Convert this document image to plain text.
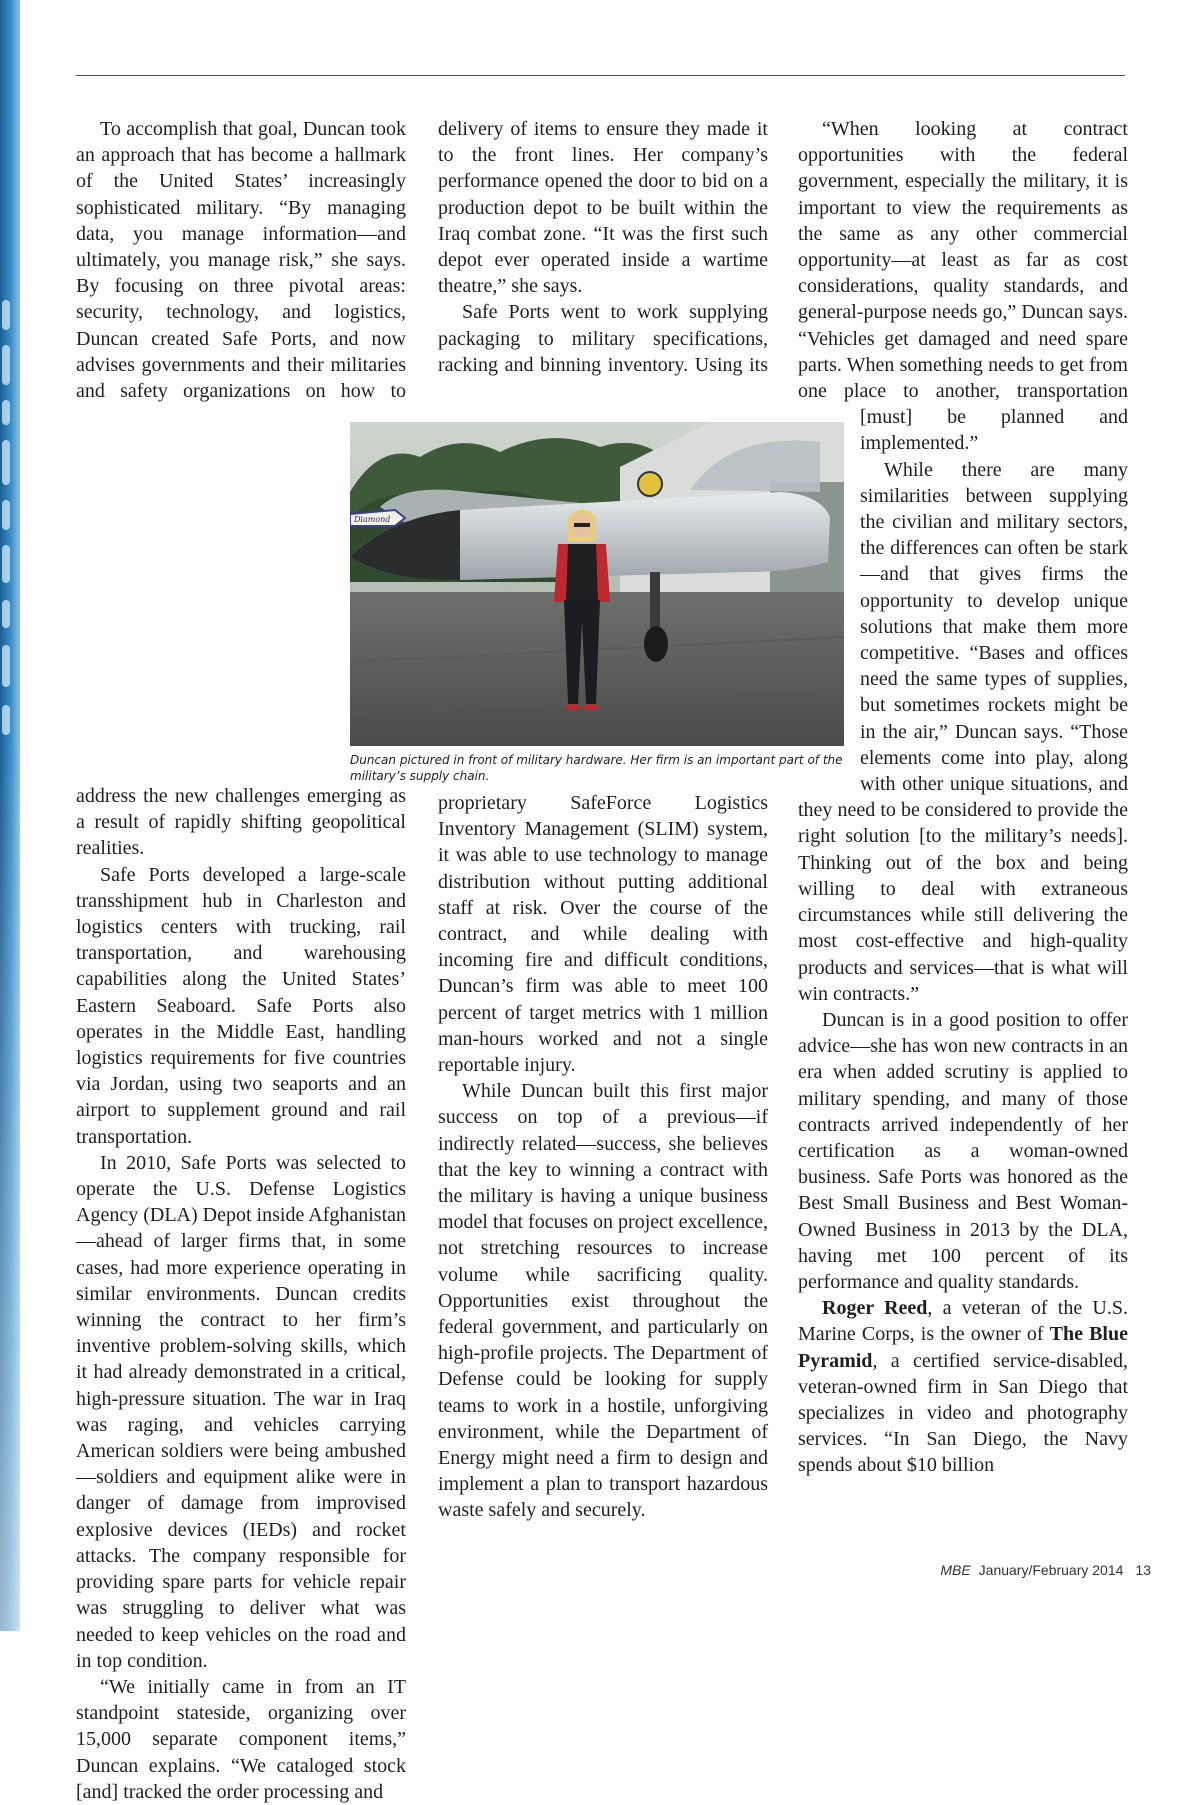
To accomplish that goal, Duncan took an approach that has become a hallmark of the United States’ increasingly sophisticated military. “By managing data, you manage information—and ultimately, you manage risk,” she says. By focusing on three pivotal areas: security, technology, and logistics, Duncan created Safe Ports, and now advises governments and their militaries and safety organizations on how to address the new challenges emerging as a result of rapidly shifting geopolitical realities.

Safe Ports developed a large-scale transshipment hub in Charleston and logistics centers with trucking, rail transportation, and warehousing capabilities along the United States’ Eastern Seaboard. Safe Ports also operates in the Middle East, handling logistics requirements for five countries via Jordan, using two seaports and an airport to supplement ground and rail transportation.

In 2010, Safe Ports was selected to operate the U.S. Defense Logistics Agency (DLA) Depot inside Afghanistan—ahead of larger firms that, in some cases, had more experience operating in similar environments. Duncan credits winning the contract to her firm’s inventive problem-solving skills, which it had already demonstrated in a critical, high-pressure situation. The war in Iraq was raging, and vehicles carrying American soldiers were being ambushed—soldiers and equipment alike were in danger of damage from improvised explosive devices (IEDs) and rocket attacks. The company responsible for providing spare parts for vehicle repair was struggling to deliver what was needed to keep vehicles on the road and in top condition.

“We initially came in from an IT standpoint stateside, organizing over 15,000 separate component items,” Duncan explains. “We cataloged stock [and] tracked the order processing and

delivery of items to ensure they made it to the front lines. Her company’s performance opened the door to bid on a production depot to be built within the Iraq combat zone. “It was the first such depot ever operated inside a wartime theatre,” she says.

Safe Ports went to work supplying packaging to military specifications, racking and binning inventory. Using its proprietary SafeForce Logistics Inventory Management (SLIM) system, it was able to use technology to manage distribution without putting additional staff at risk. Over the course of the contract, and while dealing with incoming fire and difficult conditions, Duncan’s firm was able to meet 100 percent of target metrics with 1 million man-hours worked and not a single reportable injury.

While Duncan built this first major success on top of a previous—if indirectly related—success, she believes that the key to winning a contract with the military is having a unique business model that focuses on project excellence, not stretching resources to increase volume while sacrificing quality. Opportunities exist throughout the federal government, and particularly on high-profile projects. The Department of Defense could be looking for supply teams to work in a hostile, unforgiving environment, while the Department of Energy might need a firm to design and implement a plan to transport hazardous waste safely and securely.

“When looking at contract opportunities with the federal government, especially the military, it is important to view the requirements as the same as any other commercial opportunity—at least as far as cost considerations, quality standards, and general-purpose needs go,” Duncan says. “Vehicles get damaged and need spare parts. When something needs to get from one place to another, transportation [must] be planned and implemented.”

While there are many similarities between supplying the civilian and military sectors, the differences can often be stark—and that gives firms the opportunity to develop unique solutions that make them more competitive. “Bases and offices need the same types of supplies, but sometimes rockets might be in the air,” Duncan says. “Those elements come into play, along with other unique situations, and they need to be considered to provide the right solution [to the military’s needs]. Thinking out of the box and being willing to deal with extraneous circumstances while still delivering the most cost-effective and high-quality products and services—that is what will win contracts.”

Duncan is in a good position to offer advice—she has won new contracts in an era when added scrutiny is applied to military spending, and many of those contracts arrived independently of her certification as a woman-owned business. Safe Ports was honored as the Best Small Business and Best Woman-Owned Business in 2013 by the DLA, having met 100 percent of its performance and quality standards.

Roger Reed, a veteran of the U.S. Marine Corps, is the owner of The Blue Pyramid, a certified service-disabled, veteran-owned firm in San Diego that specializes in video and photography services. “In San Diego, the Navy spends about $10 billion

Diamond
Duncan pictured in front of military hardware. Her firm is an important part of the military’s supply chain.
MBE January/February 2014 13
